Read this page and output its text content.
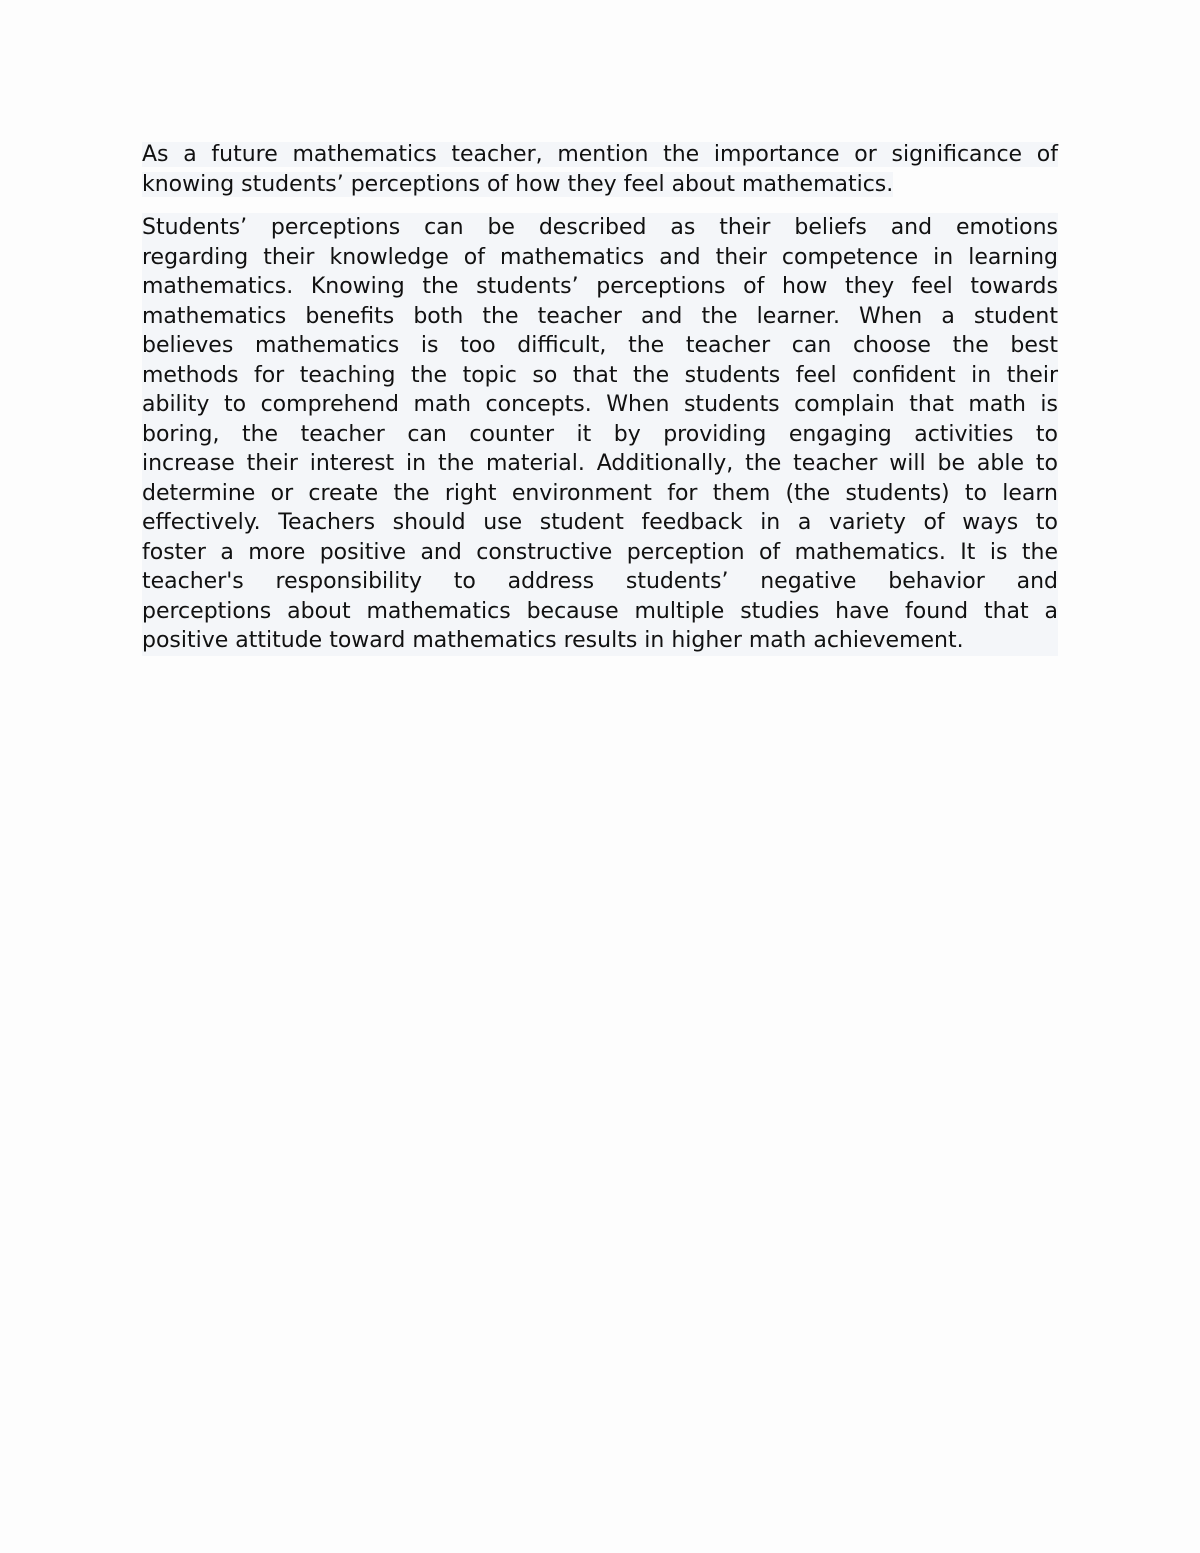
As a future mathematics teacher, mention the importance or significance of
knowing students’ perceptions of how they feel about mathematics.
Students’ perceptions can be described as their beliefs and emotions
regarding their knowledge of mathematics and their competence in learning
mathematics. Knowing the students’ perceptions of how they feel towards
mathematics benefits both the teacher and the learner. When a student
believes mathematics is too difficult, the teacher can choose the best
methods for teaching the topic so that the students feel confident in their
ability to comprehend math concepts. When students complain that math is
boring, the teacher can counter it by providing engaging activities to
increase their interest in the material. Additionally, the teacher will be able to
determine or create the right environment for them (the students) to learn
effectively. Teachers should use student feedback in a variety of ways to
foster a more positive and constructive perception of mathematics. It is the
teacher's responsibility to address students’ negative behavior and
perceptions about mathematics because multiple studies have found that a
positive attitude toward mathematics results in higher math achievement.
